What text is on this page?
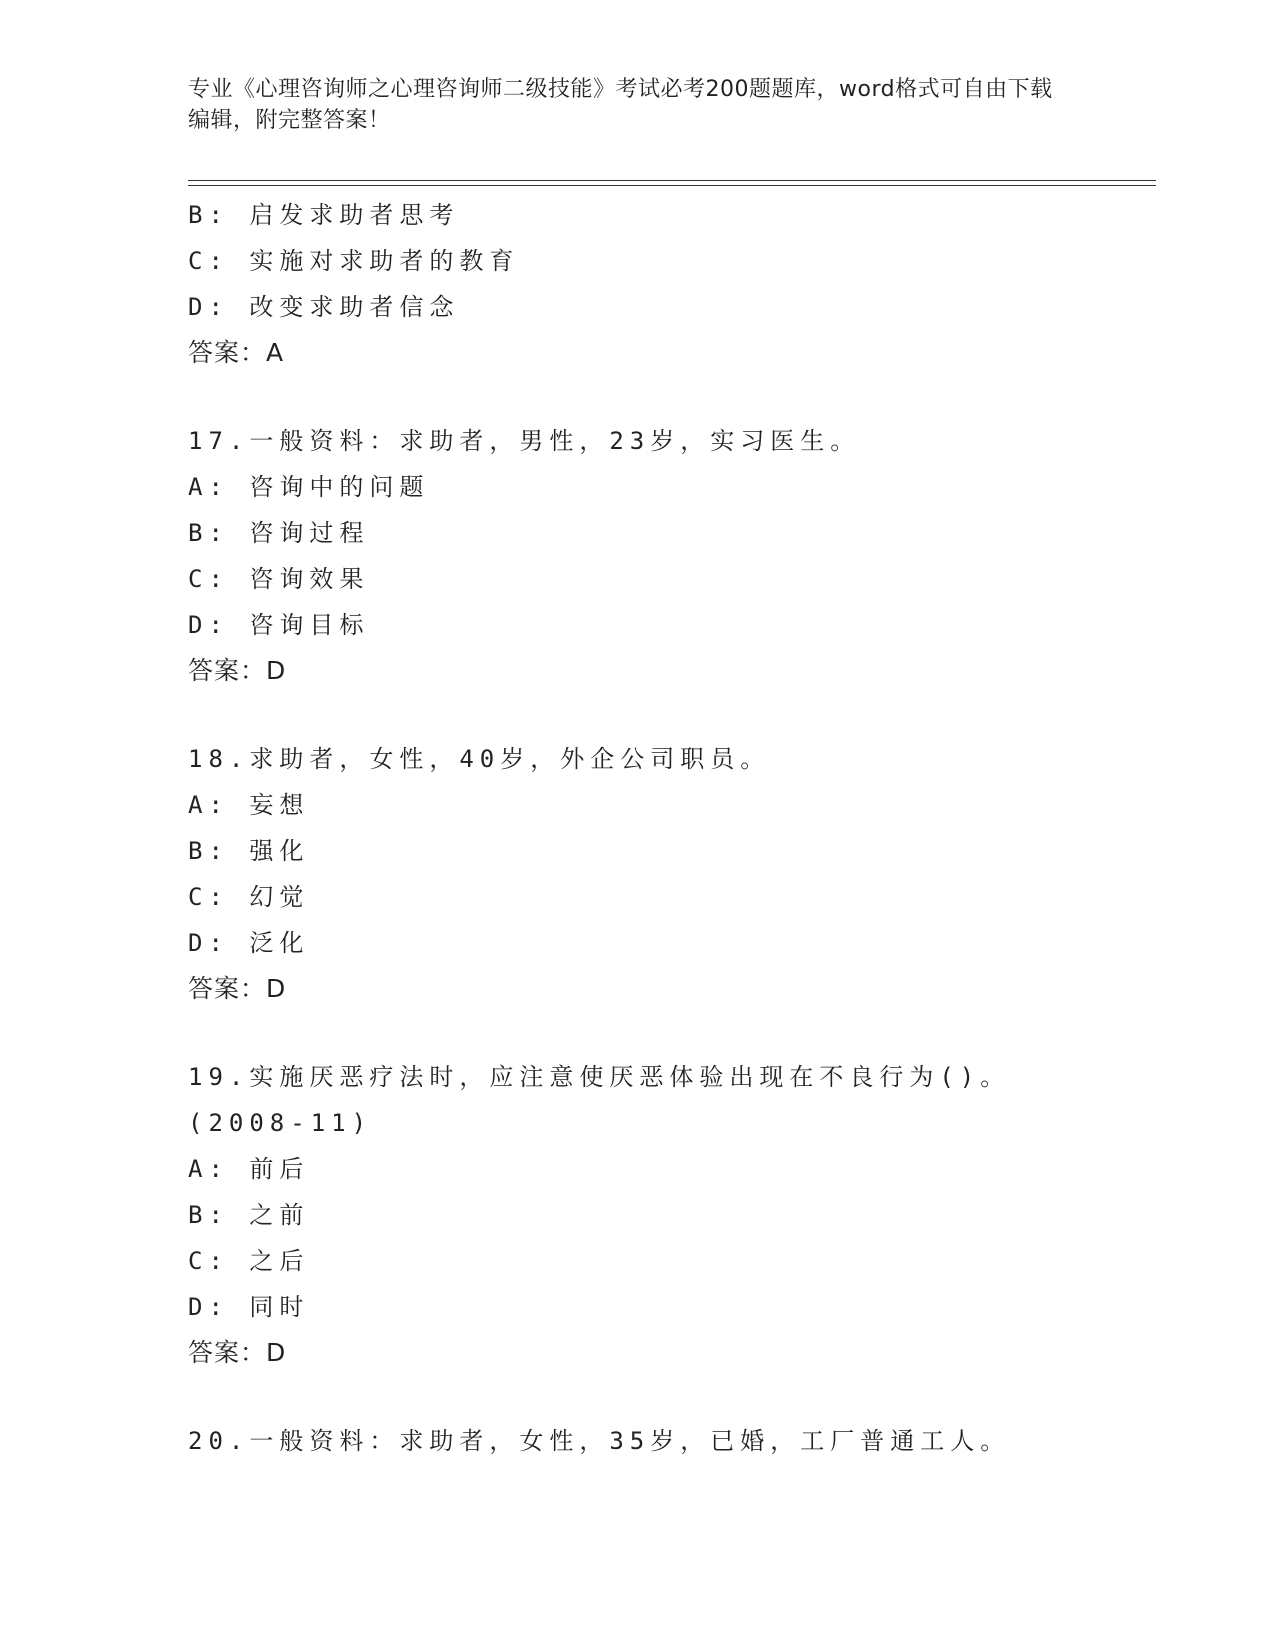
专业《心理咨询师之心理咨询师二级技能》考试必考200题题库，word格式可自由下载编辑，附完整答案！
B: 启发求助者思考
C: 实施对求助者的教育
D: 改变求助者信念
答案：A
17.一般资料：求助者，男性，23岁，实习医生。
A: 咨询中的问题
B: 咨询过程
C: 咨询效果
D: 咨询目标
答案：D
18.求助者，女性，40岁，外企公司职员。
A: 妄想
B: 强化
C: 幻觉
D: 泛化
答案：D
19.实施厌恶疗法时，应注意使厌恶体验出现在不良行为()。(2008-11)
A: 前后
B: 之前
C: 之后
D: 同时
答案：D
20.一般资料：求助者，女性，35岁，已婚，工厂普通工人。
